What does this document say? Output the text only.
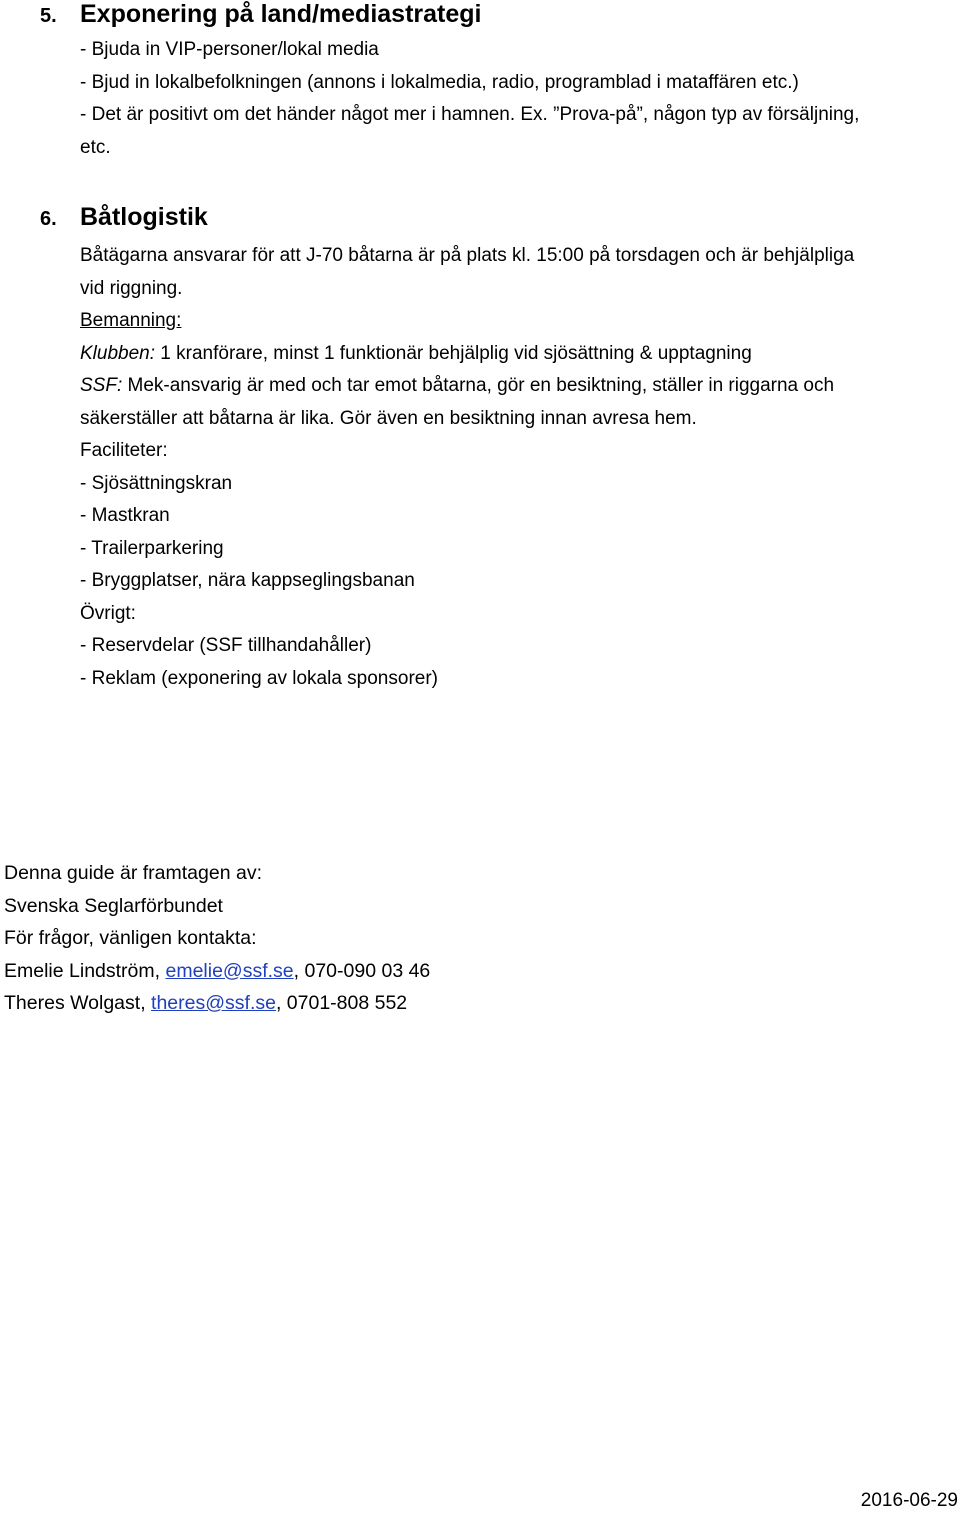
5. Exponering på land/mediastrategi
- Bjuda in VIP-personer/lokal media
- Bjud in lokalbefolkningen (annons i lokalmedia, radio, programblad i mataffären etc.)
- Det är positivt om det händer något mer i hamnen. Ex. ”Prova-på”, någon typ av försäljning,
etc.
6. Båtlogistik
Båtägarna ansvarar för att J-70 båtarna är på plats kl. 15:00 på torsdagen och är behjälpliga
vid riggning.
Bemanning:
Klubben: 1 kranförare, minst 1 funktionär behjälplig vid sjösättning & upptagning
SSF: Mek-ansvarig är med och tar emot båtarna, gör en besiktning, ställer in riggarna och
säkerställer att båtarna är lika. Gör även en besiktning innan avresa hem.
Faciliteter:
- Sjösättningskran
- Mastkran
- Trailerparkering
- Bryggplatser, nära kappseglingsbanan
Övrigt:
- Reservdelar (SSF tillhandahåller)
- Reklam (exponering av lokala sponsorer)
Denna guide är framtagen av:
Svenska Seglarförbundet
För frågor, vänligen kontakta:
Emelie Lindström, emelie@ssf.se, 070-090 03 46
Theres Wolgast, theres@ssf.se, 0701-808 552
2016-06-29
